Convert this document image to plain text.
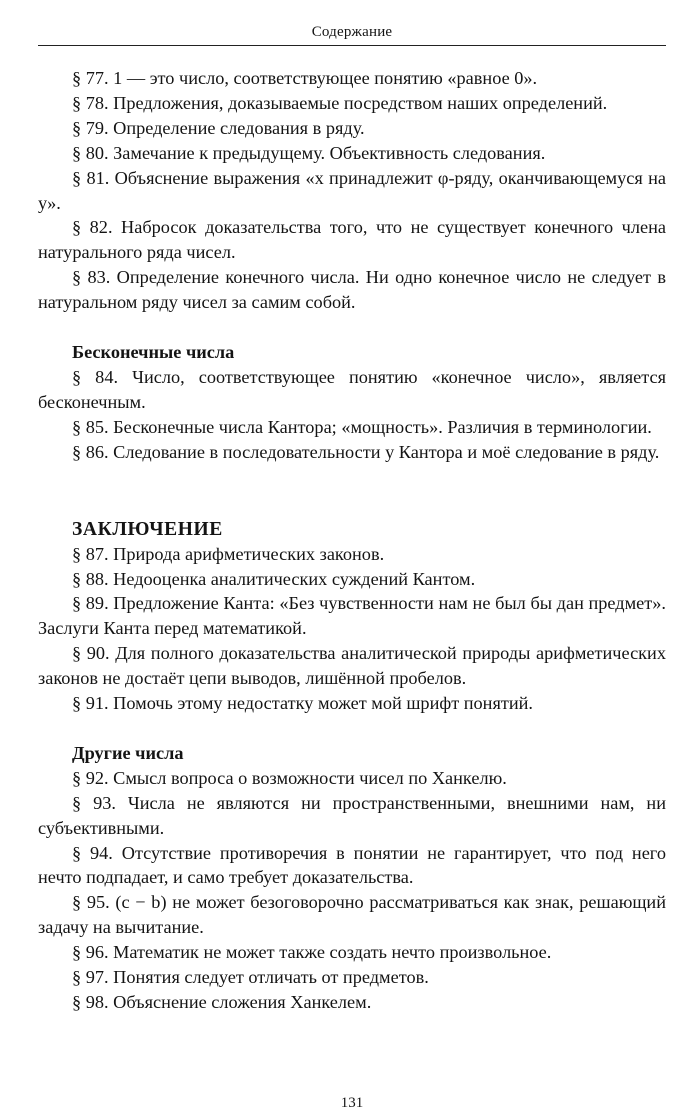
Содержание

§ 77. 1 — это число, соответствующее понятию «равное 0».

§ 78. Предложения, доказываемые посредством наших определений.

§ 79. Определение следования в ряду.

§ 80. Замечание к предыдущему. Объективность следования.

§ 81. Объяснение выражения «x принадлежит φ-ряду, оканчивающемуся на y».

§ 82. Набросок доказательства того, что не существует конечного члена натурального ряда чисел.

§ 83. Определение конечного числа. Ни одно конечное число не следует в натуральном ряду чисел за самим собой.

Бесконечные числа

§ 84. Число, соответствующее понятию «конечное число», является бесконечным.

§ 85. Бесконечные числа Кантора; «мощность». Различия в терминологии.

§ 86. Следование в последовательности у Кантора и моё следование в ряду.

ЗАКЛЮЧЕНИЕ

§ 87. Природа арифметических законов.

§ 88. Недооценка аналитических суждений Кантом.

§ 89. Предложение Канта: «Без чувственности нам не был бы дан предмет». Заслуги Канта перед математикой.

§ 90. Для полного доказательства аналитической природы арифметических законов не достаёт цепи выводов, лишённой пробелов.

§ 91. Помочь этому недостатку может мой шрифт понятий.

Другие числа

§ 92. Смысл вопроса о возможности чисел по Ханкелю.

§ 93. Числа не являются ни пространственными, внешними нам, ни субъективными.

§ 94. Отсутствие противоречия в понятии не гарантирует, что под него нечто подпадает, и само требует доказательства.

§ 95. (c − b) не может безоговорочно рассматриваться как знак, решающий задачу на вычитание.

§ 96. Математик не может также создать нечто произвольное.

§ 97. Понятия следует отличать от предметов.

§ 98. Объяснение сложения Ханкелем.

131
